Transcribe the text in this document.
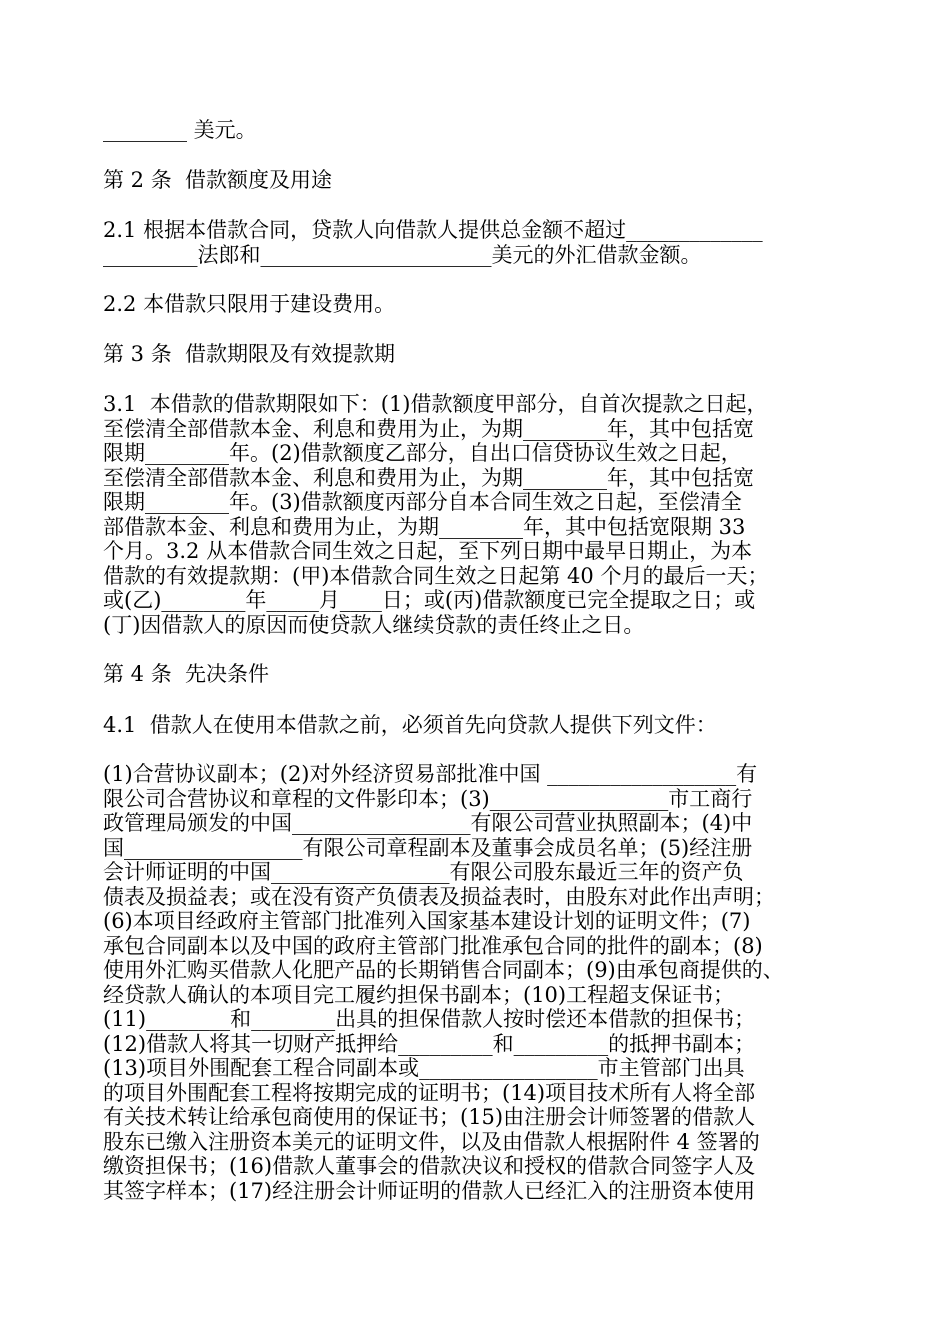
________ 美元。

第 2 条  借款额度及用途

2.1 根据本借款合同，贷款人向借款人提供总金额不超过_____________
_________法郎和______________________美元的外汇借款金额。

2.2 本借款只限用于建设费用。

第 3 条  借款期限及有效提款期

3.1  本借款的借款期限如下：(1)借款额度甲部分，自首次提款之日起，
至偿清全部借款本金、利息和费用为止，为期________年，其中包括宽
限期________年。(2)借款额度乙部分，自出口信贷协议生效之日起，
至偿清全部借款本金、利息和费用为止，为期________年，其中包括宽
限期________年。(3)借款额度丙部分自本合同生效之日起，至偿清全
部借款本金、利息和费用为止，为期________年，其中包括宽限期 33
个月。3.2 从本借款合同生效之日起，至下列日期中最早日期止，为本
借款的有效提款期：(甲)本借款合同生效之日起第 40 个月的最后一天；
或(乙)________年_____月____日；或(丙)借款额度已完全提取之日；或
(丁)因借款人的原因而使贷款人继续贷款的责任终止之日。

第 4 条  先决条件

4.1  借款人在使用本借款之前，必须首先向贷款人提供下列文件：

(1)合营协议副本；(2)对外经济贸易部批准中国 __________________有
限公司合营协议和章程的文件影印本；(3)_________________市工商行
政管理局颁发的中国_________________有限公司营业执照副本；(4)中
国_________________有限公司章程副本及董事会成员名单；(5)经注册
会计师证明的中国_________________有限公司股东最近三年的资产负
债表及损益表；或在没有资产负债表及损益表时，由股东对此作出声明；
(6)本项目经政府主管部门批准列入国家基本建设计划的证明文件；(7)
承包合同副本以及中国的政府主管部门批准承包合同的批件的副本；(8)
使用外汇购买借款人化肥产品的长期销售合同副本；(9)由承包商提供的、
经贷款人确认的本项目完工履约担保书副本；(10)工程超支保证书；
(11)________和________出具的担保借款人按时偿还本借款的担保书；
(12)借款人将其一切财产抵押给_________和_________的抵押书副本；
(13)项目外围配套工程合同副本或_________________市主管部门出具
的项目外围配套工程将按期完成的证明书；(14)项目技术所有人将全部
有关技术转让给承包商使用的保证书；(15)由注册会计师签署的借款人
股东已缴入注册资本美元的证明文件，以及由借款人根据附件 4 签署的
缴资担保书；(16)借款人董事会的借款决议和授权的借款合同签字人及
其签字样本；(17)经注册会计师证明的借款人已经汇入的注册资本使用
